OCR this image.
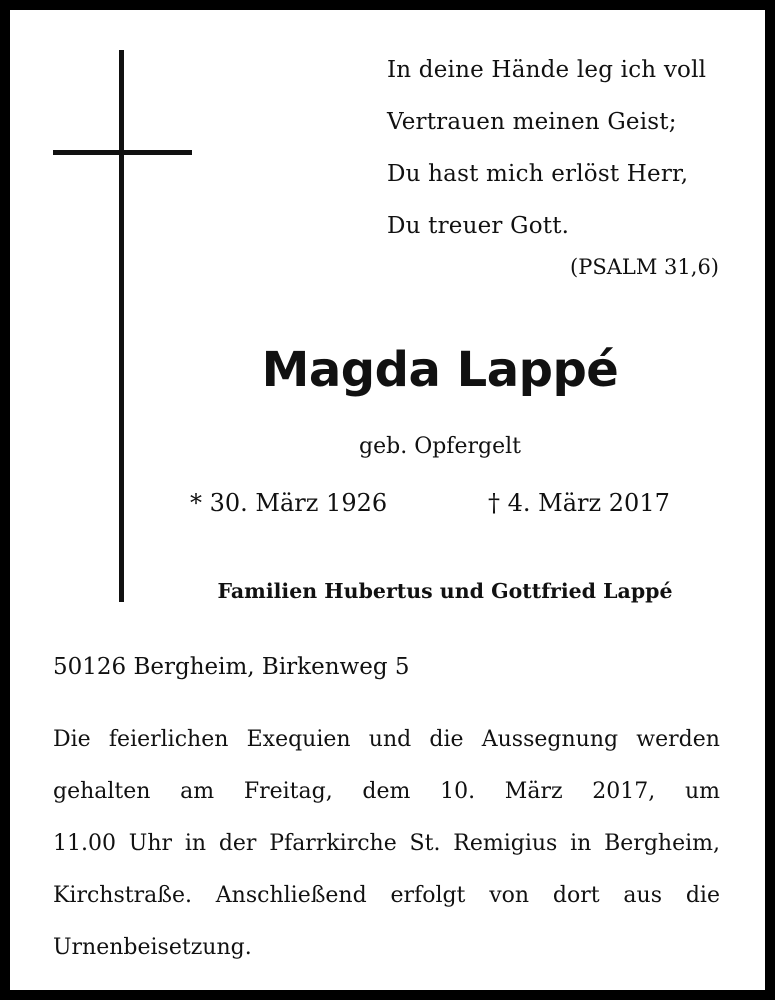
In deine Hände leg ich voll
Vertrauen meinen Geist;
Du hast mich erlöst Herr,
Du treuer Gott.
(PSALM 31,6)
Magda Lappé
geb. Opfergelt
* 30. März 1926	† 4. März 2017
Familien Hubertus und Gottfried Lappé
50126 Bergheim, Birkenweg 5
Die feierlichen Exequien und die Aussegnung werden
gehalten am Freitag, dem 10. März 2017, um
11.00 Uhr in der Pfarrkirche St. Remigius in Bergheim,
Kirchstraße. Anschließend erfolgt von dort aus die
Urnenbeisetzung.
